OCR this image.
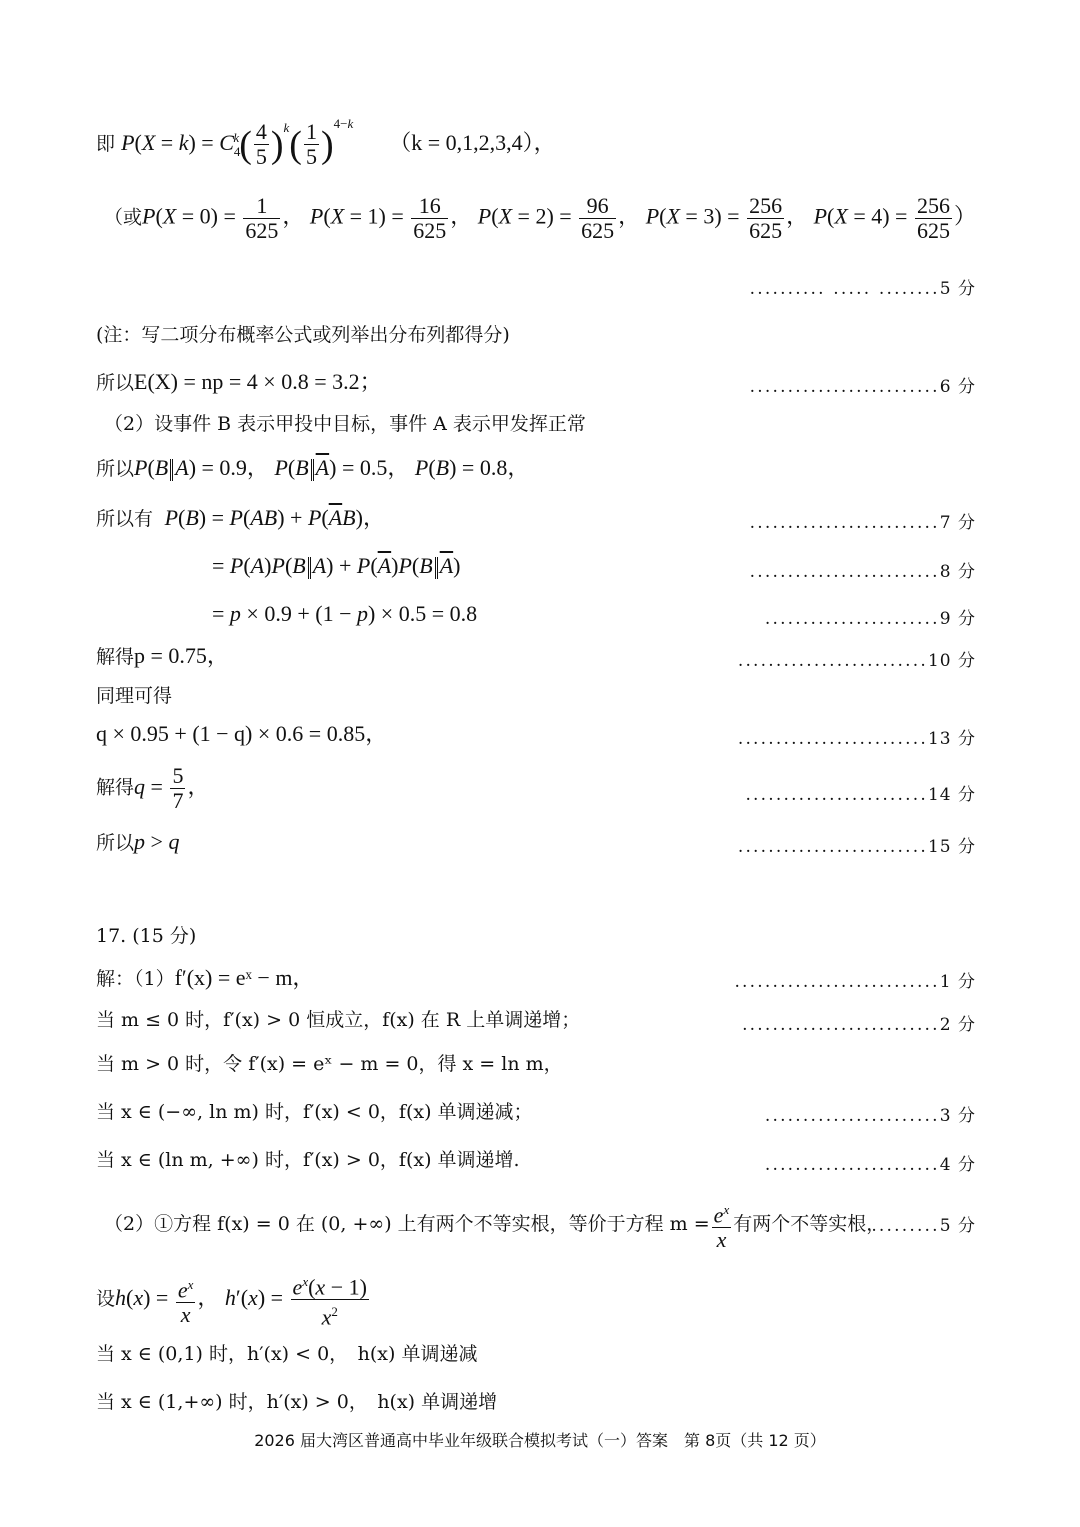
即 $P(X = k) = C_4^k( \frac{4}{5} )^k( \frac{1}{5} )^{4-k}$ （k = 0,1,2,3,4），
（或$P(X = 0) = \frac{1}{625}$ ， $P(X = 1) = \frac{16}{625}$ ， $P(X = 2) = \frac{96}{625}$ ， $P(X = 3) = \frac{256}{625}$ ， $P(X = 4) = \frac{256}{625}$ ）
.......... ..... ........5 分
(注：写二项分布概率公式或列举出分布列都得分)
所以E(X) = np = 4 × 0.8 = 3.2；	.........................6 分
（2）设事件 B 表示甲投中目标，事件 A 表示甲发挥正常
所以P(B A) = 0.9， P(B $\overline{A}) = 0.5$， P(B) = 0.8，
所以有 $P(B) = P(AB) + P(\overline{A}B)$，	.........................7 分
= P(A)P(B $A) + P(\overline{A})P(B$ $\overline{A}$)	.........................8 分
= p × 0.9 + (1 − p) × 0.5 = 0.8	.......................9 分
解得p = 0.75，	.........................10 分
同理可得
q × 0.95 + (1 − q) × 0.6 = 0.85，	.........................13 分
解得$q = \frac{5}{7}$ ，	........................14 分
所以p > q	.........................15 分
17. (15 分)
解：（1）f′(x) = eˣ − m，	...........................1 分
当 m ≤ 0 时，f′(x) > 0 恒成立，f(x) 在 R 上单调递增；	..........................2 分
当 m > 0 时，令 f′(x) = eˣ − m = 0，得 x = ln m，
当 x ∈ (−∞, ln m) 时，f′(x) < 0，f(x) 单调递减；	.......................3 分
当 x ∈ (ln m, +∞) 时，f′(x) > 0，f(x) 单调递增.	.......................4 分
（2）①方程 f(x) = 0 在 (0, +∞) 上有两个不等实根，等价于方程 $m = \frac{e^x}{x}$ 有两个不等实根，
.........5 分
设$h(x) = \frac{e^x}{x}$ ， $h'(x) = \frac{e^x(x - 1)}{x^2}$
当 x ∈ (0,1) 时，h′(x) < 0，　h(x) 单调递减
当 x ∈ (1,+∞) 时，h′(x) > 0，　h(x) 单调递增
2026 届大湾区普通高中毕业年级联合模拟考试（一）答案　第 8页（共 12 页）
